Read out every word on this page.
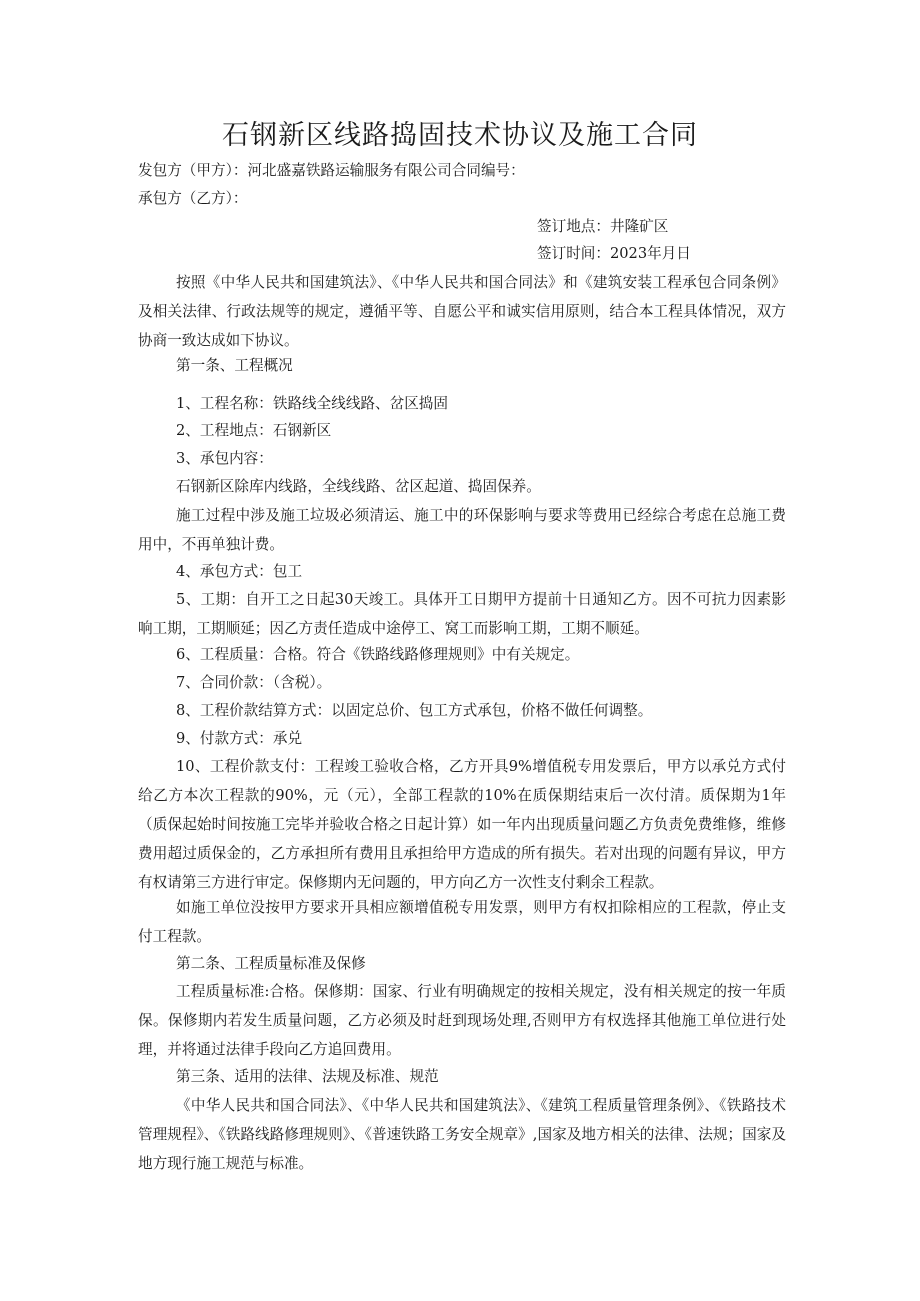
石钢新区线路捣固技术协议及施工合同
发包方（甲方）：河北盛嘉铁路运输服务有限公司合同编号：
承包方（乙方）：
签订地点：井隆矿区
签订时间：2023年月日
按照《中华人民共和国建筑法》、《中华人民共和国合同法》和《建筑安装工程承包合同条例》及相关法律、行政法规等的规定，遵循平等、自愿公平和诚实信用原则，结合本工程具体情况，双方协商一致达成如下协议。
第一条、工程概况
1、工程名称：铁路线全线线路、岔区捣固
2、工程地点：石钢新区
3、承包内容：
石钢新区除库内线路，全线线路、岔区起道、捣固保养。
施工过程中涉及施工垃圾必须清运、施工中的环保影响与要求等费用已经综合考虑在总施工费用中，不再单独计费。
4、承包方式：包工
5、工期：自开工之日起30天竣工。具体开工日期甲方提前十日通知乙方。因不可抗力因素影响工期，工期顺延；因乙方责任造成中途停工、窝工而影响工期，工期不顺延。
6、工程质量：合格。符合《铁路线路修理规则》中有关规定。
7、合同价款：（含税）。
8、工程价款结算方式：以固定总价、包工方式承包，价格不做任何调整。
9、付款方式：承兑
10、工程价款支付：工程竣工验收合格，乙方开具9%增值税专用发票后，甲方以承兑方式付给乙方本次工程款的90%，元（元），全部工程款的10%在质保期结束后一次付清。质保期为1年（质保起始时间按施工完毕并验收合格之日起计算）如一年内出现质量问题乙方负责免费维修，维修费用超过质保金的，乙方承担所有费用且承担给甲方造成的所有损失。若对出现的问题有异议，甲方有权请第三方进行审定。保修期内无问题的，甲方向乙方一次性支付剩余工程款。
如施工单位没按甲方要求开具相应额增值税专用发票，则甲方有权扣除相应的工程款，停止支付工程款。
第二条、工程质量标准及保修
工程质量标准:合格。保修期：国家、行业有明确规定的按相关规定，没有相关规定的按一年质保。保修期内若发生质量问题，乙方必须及时赶到现场处理,否则甲方有权选择其他施工单位进行处理，并将通过法律手段向乙方追回费用。
第三条、适用的法律、法规及标准、规范
《中华人民共和国合同法》、《中华人民共和国建筑法》、《建筑工程质量管理条例》、《铁路技术管理规程》、《铁路线路修理规则》、《普速铁路工务安全规章》,国家及地方相关的法律、法规；国家及地方现行施工规范与标准。
